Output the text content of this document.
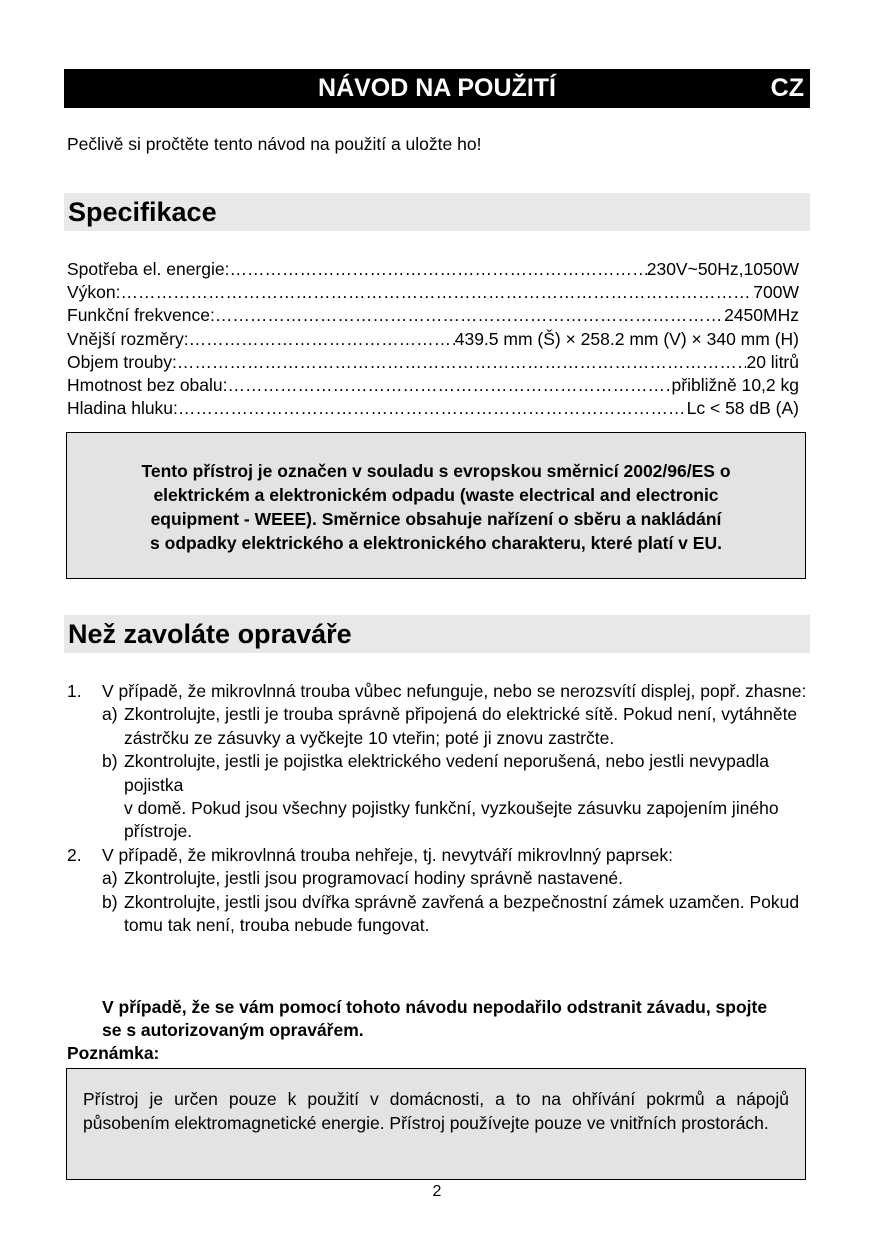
NÁVOD NA POUŽITÍ	CZ
Pečlivě si pročtěte tento návod na použití a uložte ho!
Specifikace
Spotřeba el. energie: ……………………………………………………………………………………………………………………………………	230V~50Hz,1050W
Výkon: ……………………………………………………………………………………………………………………………………	700W
Funkční frekvence: ……………………………………………………………………………………………………………………………………	2450MHz
Vnější rozměry: ……………………………………………………………………………………………………………………………………	439.5 mm (Š) × 258.2 mm (V) × 340 mm (H)
Objem trouby: ……………………………………………………………………………………………………………………………………	20 litrů
Hmotnost bez obalu: ……………………………………………………………………………………………………………………………………	přibližně 10,2 kg
Hladina hluku: ……………………………………………………………………………………………………………………………………	Lc < 58 dB (A)
Tento přístroj je označen v souladu s evropskou směrnicí 2002/96/ES o
elektrickém a elektronickém odpadu (waste electrical and electronic
equipment - WEEE). Směrnice obsahuje nařízení o sběru a nakládání
s odpadky elektrického a elektronického charakteru, které platí v EU.
Než zavoláte opraváře
1. V případě, že mikrovlnná trouba vůbec nefunguje, nebo se nerozsvítí displej, popř. zhasne:
a) Zkontrolujte, jestli je trouba správně připojená do elektrické sítě. Pokud není, vytáhněte zástrčku ze zásuvky a vyčkejte 10 vteřin; poté ji znovu zastrčte.
b) Zkontrolujte, jestli je pojistka elektrického vedení neporušená, nebo jestli nevypadla pojistka
v domě. Pokud jsou všechny pojistky funkční, vyzkoušejte zásuvku zapojením jiného přístroje.
2. V případě, že mikrovlnná trouba nehřeje, tj. nevytváří mikrovlnný paprsek:
a) Zkontrolujte, jestli jsou programovací hodiny správně nastavené.
b) Zkontrolujte, jestli jsou dvířka správně zavřená a bezpečnostní zámek uzamčen. Pokud tomu tak není, trouba nebude fungovat.
V případě, že se vám pomocí tohoto návodu nepodařilo odstranit závadu, spojte se s autorizovaným opravářem.
Poznámka:
Přístroj je určen pouze k použití v domácnosti, a to na ohřívání pokrmů a nápojů působením elektromagnetické energie. Přístroj používejte pouze ve vnitřních prostorách.
2
